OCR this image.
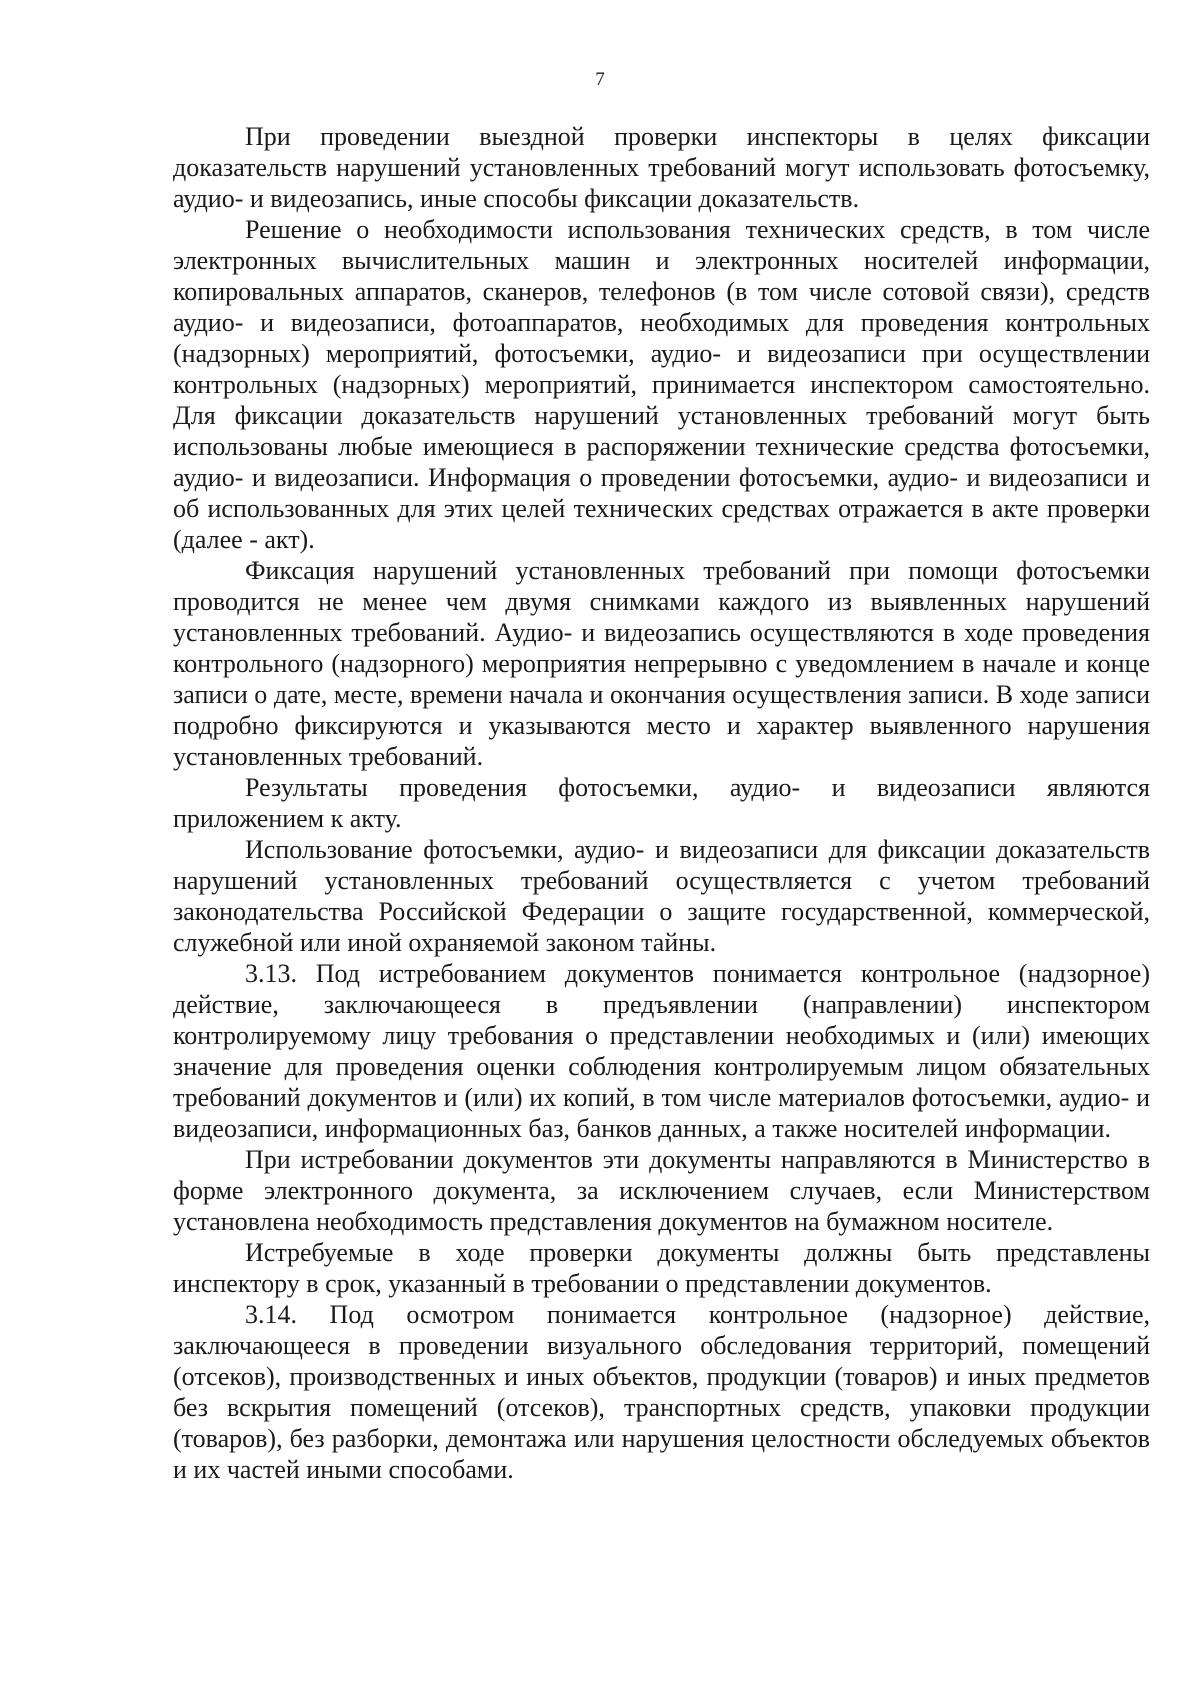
7

При проведении выездной проверки инспекторы в целях фиксации доказательств нарушений установленных требований могут использовать фотосъемку, аудио- и видеозапись, иные способы фиксации доказательств.

Решение о необходимости использования технических средств, в том числе электронных вычислительных машин и электронных носителей информации, копировальных аппаратов, сканеров, телефонов (в том числе сотовой связи), средств аудио- и видеозаписи, фотоаппаратов, необходимых для проведения контрольных (надзорных) мероприятий, фотосъемки, аудио- и видеозаписи при осуществлении контрольных (надзорных) мероприятий, принимается инспектором самостоятельно. Для фиксации доказательств нарушений установленных требований могут быть использованы любые имеющиеся в распоряжении технические средства фотосъемки, аудио- и видеозаписи. Информация о проведении фотосъемки, аудио- и видеозаписи и об использованных для этих целей технических средствах отражается в акте проверки (далее - акт).

Фиксация нарушений установленных требований при помощи фотосъемки проводится не менее чем двумя снимками каждого из выявленных нарушений установленных требований. Аудио- и видеозапись осуществляются в ходе проведения контрольного (надзорного) мероприятия непрерывно с уведомлением в начале и конце записи о дате, месте, времени начала и окончания осуществления записи. В ходе записи подробно фиксируются и указываются место и характер выявленного нарушения установленных требований.

Результаты проведения фотосъемки, аудио- и видеозаписи являются приложением к акту.

Использование фотосъемки, аудио- и видеозаписи для фиксации доказательств нарушений установленных требований осуществляется с учетом требований законодательства Российской Федерации о защите государственной, коммерческой, служебной или иной охраняемой законом тайны.

3.13. Под истребованием документов понимается контрольное (надзорное) действие, заключающееся в предъявлении (направлении) инспектором контролируемому лицу требования о представлении необходимых и (или) имеющих значение для проведения оценки соблюдения контролируемым лицом обязательных требований документов и (или) их копий, в том числе материалов фотосъемки, аудио- и видеозаписи, информационных баз, банков данных, а также носителей информации.

При истребовании документов эти документы направляются в Министерство в форме электронного документа, за исключением случаев, если Министерством установлена необходимость представления документов на бумажном носителе.

Истребуемые в ходе проверки документы должны быть представлены инспектору в срок, указанный в требовании о представлении документов.

3.14. Под осмотром понимается контрольное (надзорное) действие, заключающееся в проведении визуального обследования территорий, помещений (отсеков), производственных и иных объектов, продукции (товаров) и иных предметов без вскрытия помещений (отсеков), транспортных средств, упаковки продукции (товаров), без разборки, демонтажа или нарушения целостности обследуемых объектов и их частей иными способами.
